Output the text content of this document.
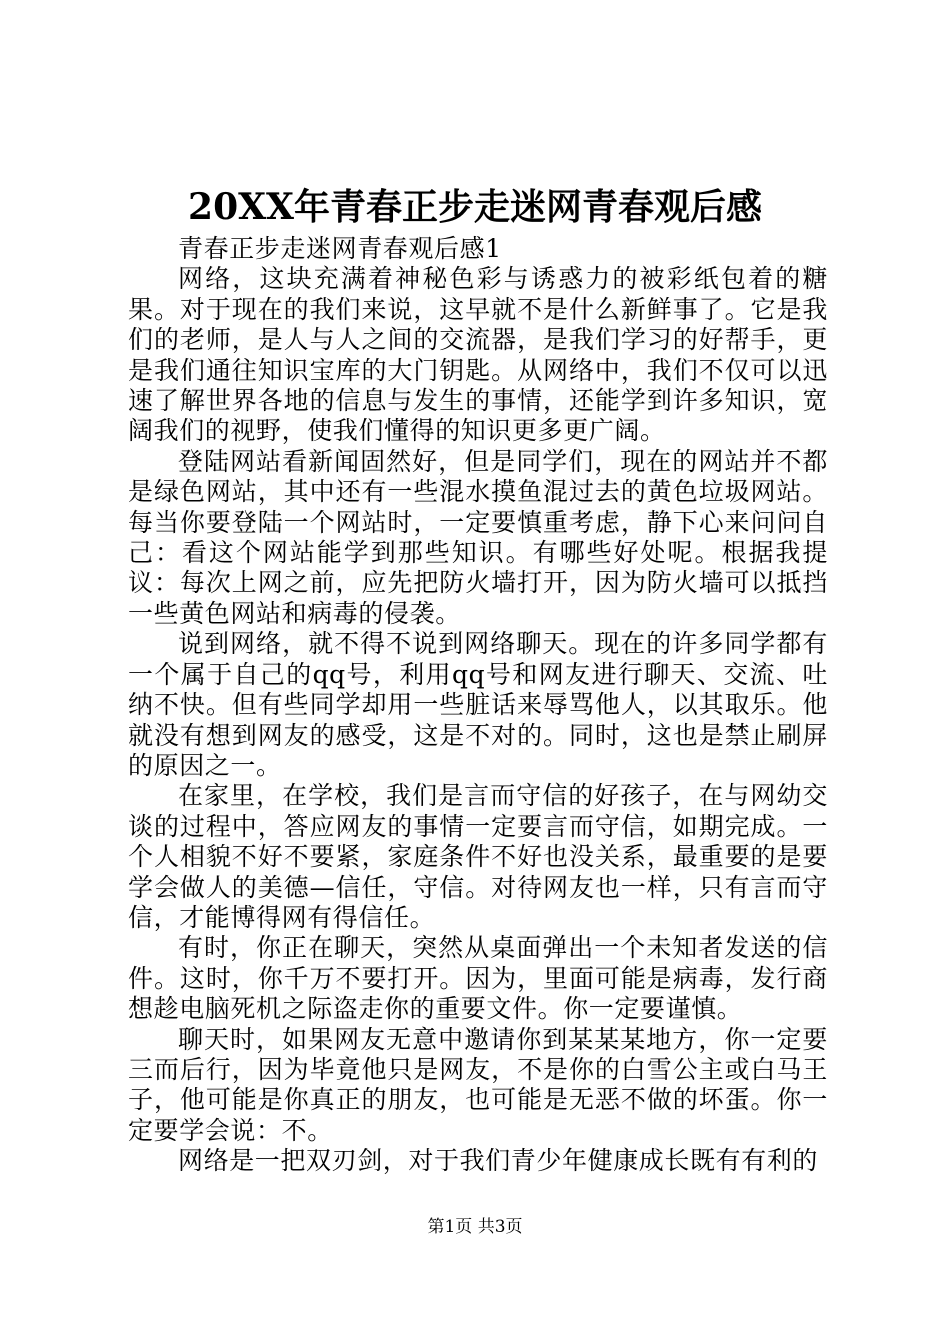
20XX年青春正步走迷网青春观后感

青春正步走迷网青春观后感1

网络，这块充满着神秘色彩与诱惑力的被彩纸包着的糖果。对于现在的我们来说，这早就不是什么新鲜事了。它是我们的老师，是人与人之间的交流器，是我们学习的好帮手，更是我们通往知识宝库的大门钥匙。从网络中，我们不仅可以迅速了解世界各地的信息与发生的事情，还能学到许多知识，宽阔我们的视野，使我们懂得的知识更多更广阔。

登陆网站看新闻固然好，但是同学们，现在的网站并不都是绿色网站，其中还有一些混水摸鱼混过去的黄色垃圾网站。每当你要登陆一个网站时，一定要慎重考虑，静下心来问问自己：看这个网站能学到那些知识。有哪些好处呢。根据我提议：每次上网之前，应先把防火墙打开，因为防火墙可以抵挡一些黄色网站和病毒的侵袭。

说到网络，就不得不说到网络聊天。现在的许多同学都有一个属于自己的qq号，利用qq号和网友进行聊天、交流、吐纳不快。但有些同学却用一些脏话来辱骂他人，以其取乐。他就没有想到网友的感受，这是不对的。同时，这也是禁止刷屏的原因之一。

在家里，在学校，我们是言而守信的好孩子，在与网幼交谈的过程中，答应网友的事情一定要言而守信，如期完成。一个人相貌不好不要紧，家庭条件不好也没关系，最重要的是要学会做人的美德—信任，守信。对待网友也一样，只有言而守信，才能博得网有得信任。

有时，你正在聊天，突然从桌面弹出一个未知者发送的信件。这时，你千万不要打开。因为，里面可能是病毒，发行商想趁电脑死机之际盗走你的重要文件。你一定要谨慎。

聊天时，如果网友无意中邀请你到某某某地方，你一定要三而后行，因为毕竟他只是网友，不是你的白雪公主或白马王子，他可能是你真正的朋友，也可能是无恶不做的坏蛋。你一定要学会说：不。

网络是一把双刃剑，对于我们青少年健康成长既有有利的

第1页 共3页
